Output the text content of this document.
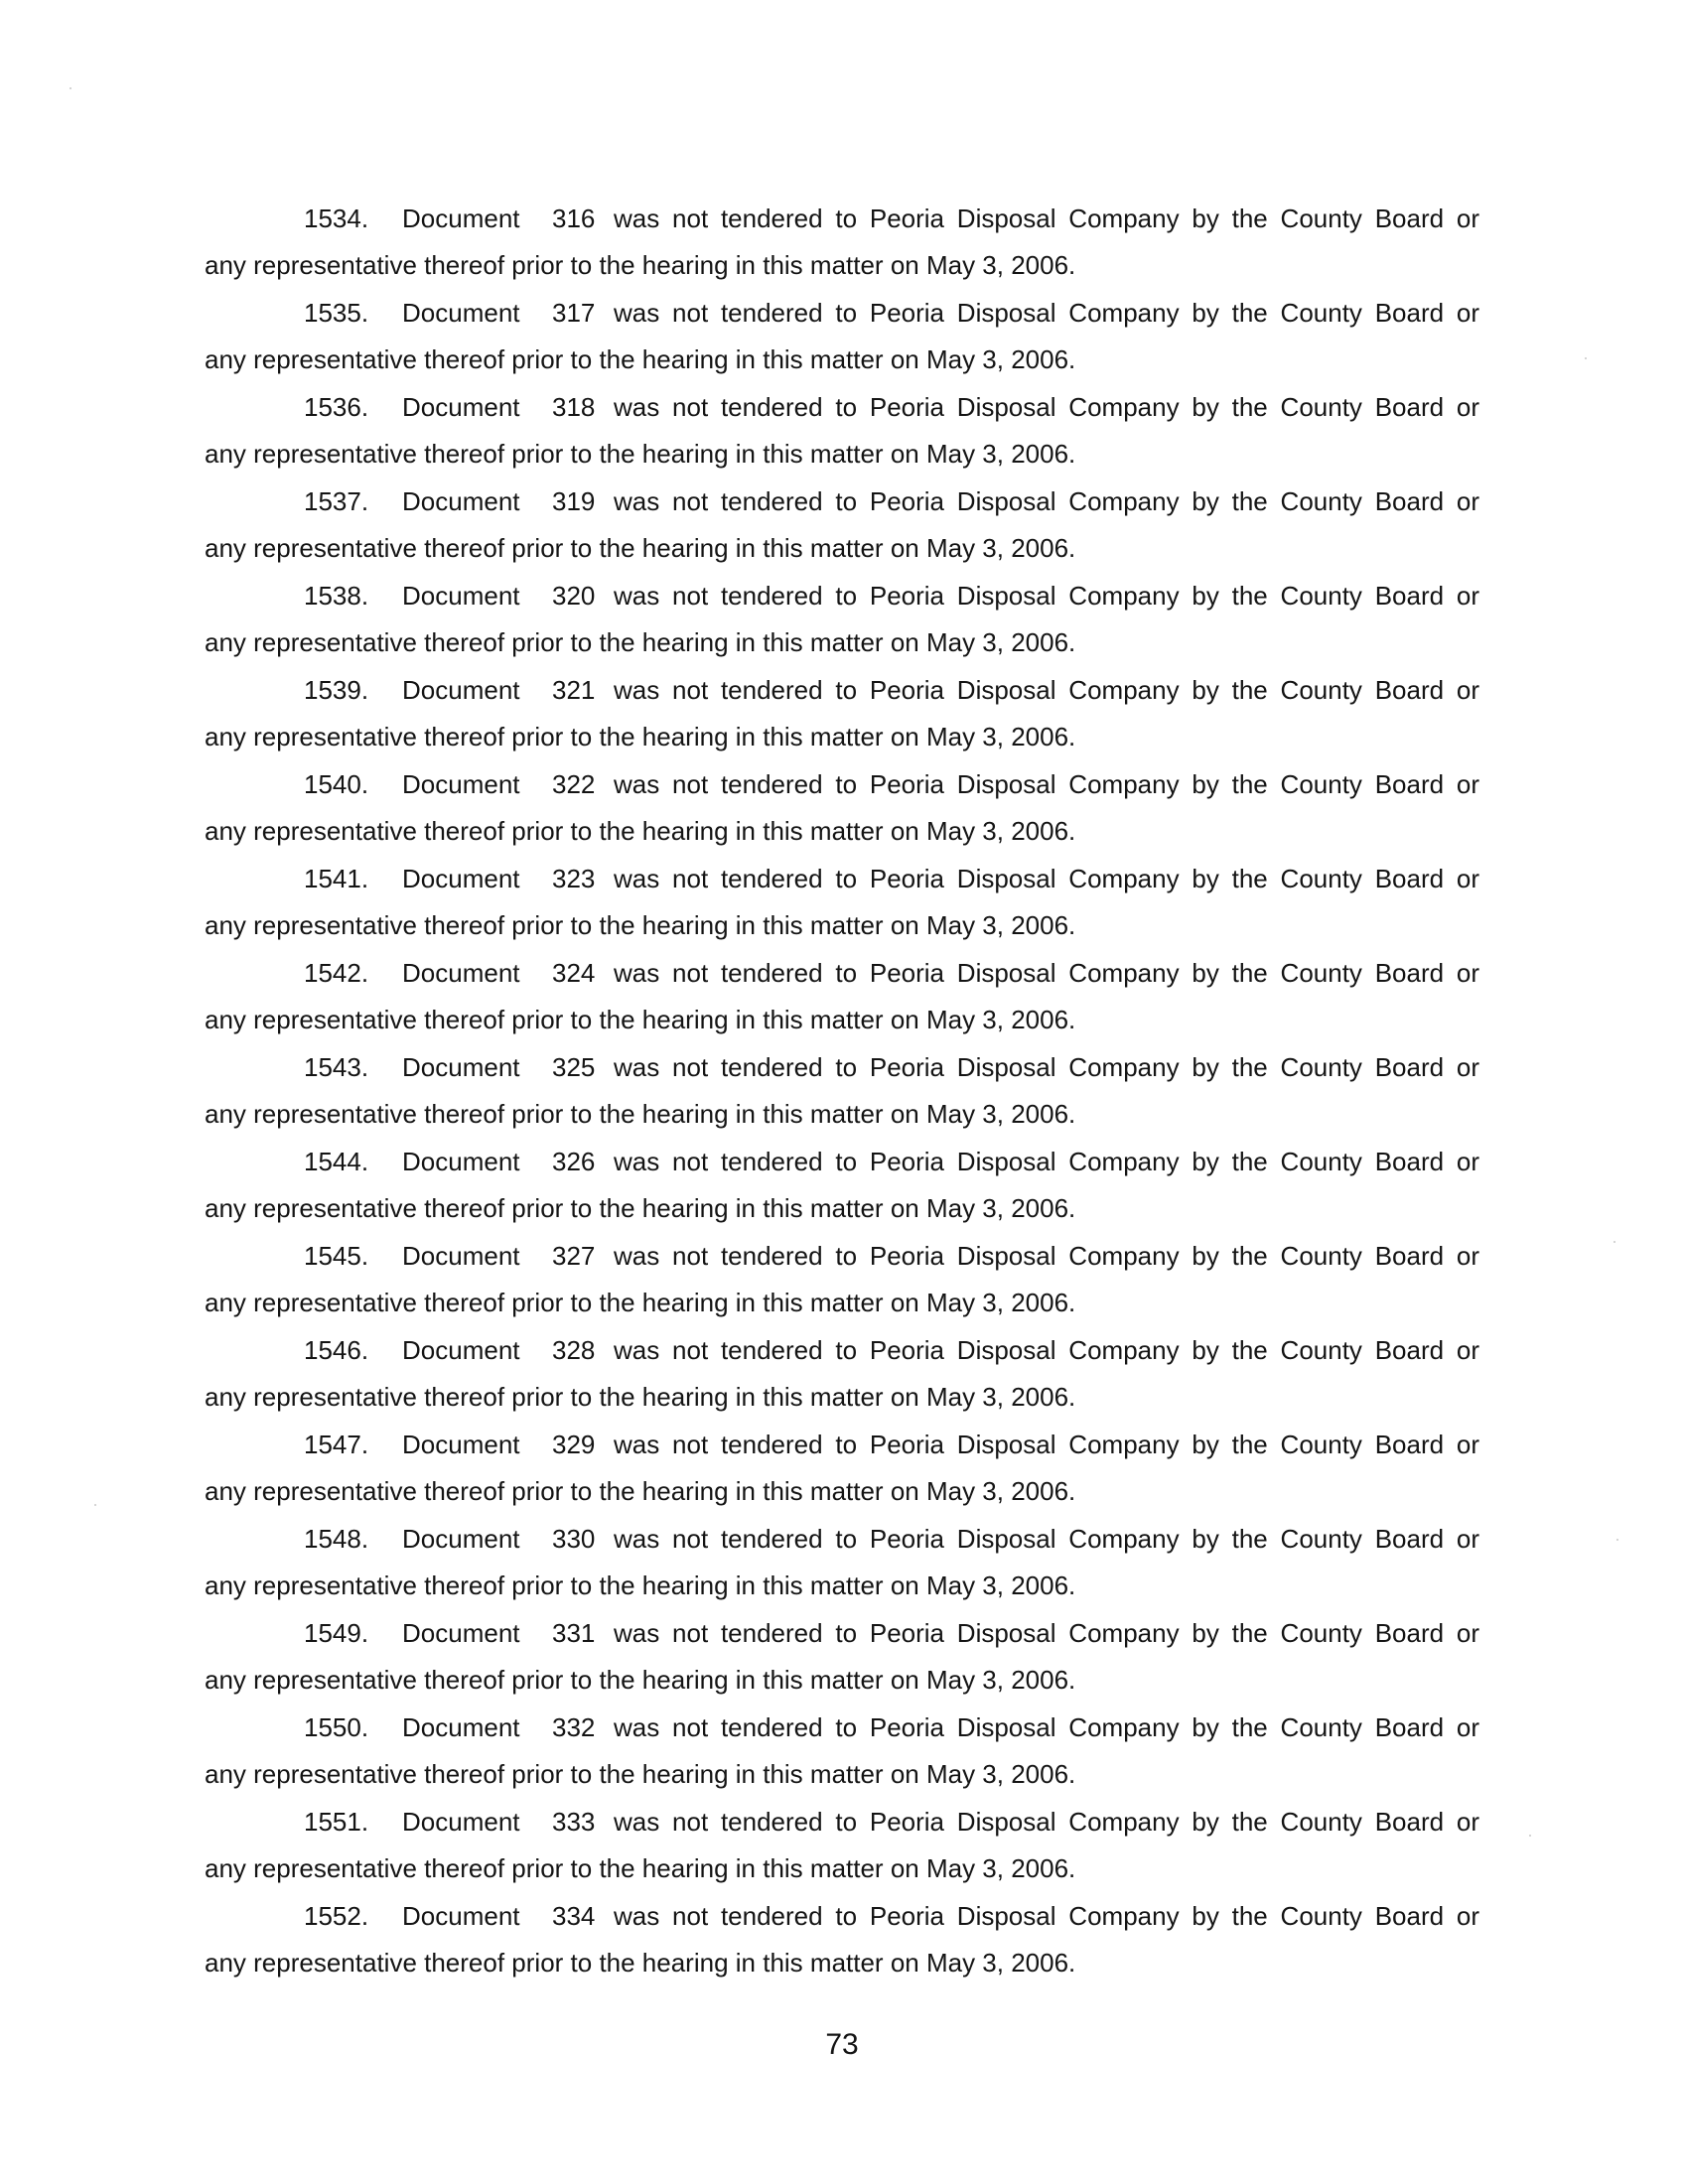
1534. Document 316 was not tendered to Peoria Disposal Company by the County Board or
any representative thereof prior to the hearing in this matter on May 3, 2006.
1535. Document 317 was not tendered to Peoria Disposal Company by the County Board or
any representative thereof prior to the hearing in this matter on May 3, 2006.
1536. Document 318 was not tendered to Peoria Disposal Company by the County Board or
any representative thereof prior to the hearing in this matter on May 3, 2006.
1537. Document 319 was not tendered to Peoria Disposal Company by the County Board or
any representative thereof prior to the hearing in this matter on May 3, 2006.
1538. Document 320 was not tendered to Peoria Disposal Company by the County Board or
any representative thereof prior to the hearing in this matter on May 3, 2006.
1539. Document 321 was not tendered to Peoria Disposal Company by the County Board or
any representative thereof prior to the hearing in this matter on May 3, 2006.
1540. Document 322 was not tendered to Peoria Disposal Company by the County Board or
any representative thereof prior to the hearing in this matter on May 3, 2006.
1541. Document 323 was not tendered to Peoria Disposal Company by the County Board or
any representative thereof prior to the hearing in this matter on May 3, 2006.
1542. Document 324 was not tendered to Peoria Disposal Company by the County Board or
any representative thereof prior to the hearing in this matter on May 3, 2006.
1543. Document 325 was not tendered to Peoria Disposal Company by the County Board or
any representative thereof prior to the hearing in this matter on May 3, 2006.
1544. Document 326 was not tendered to Peoria Disposal Company by the County Board or
any representative thereof prior to the hearing in this matter on May 3, 2006.
1545. Document 327 was not tendered to Peoria Disposal Company by the County Board or
any representative thereof prior to the hearing in this matter on May 3, 2006.
1546. Document 328 was not tendered to Peoria Disposal Company by the County Board or
any representative thereof prior to the hearing in this matter on May 3, 2006.
1547. Document 329 was not tendered to Peoria Disposal Company by the County Board or
any representative thereof prior to the hearing in this matter on May 3, 2006.
1548. Document 330 was not tendered to Peoria Disposal Company by the County Board or
any representative thereof prior to the hearing in this matter on May 3, 2006.
1549. Document 331 was not tendered to Peoria Disposal Company by the County Board or
any representative thereof prior to the hearing in this matter on May 3, 2006.
1550. Document 332 was not tendered to Peoria Disposal Company by the County Board or
any representative thereof prior to the hearing in this matter on May 3, 2006.
1551. Document 333 was not tendered to Peoria Disposal Company by the County Board or
any representative thereof prior to the hearing in this matter on May 3, 2006.
1552. Document 334 was not tendered to Peoria Disposal Company by the County Board or
any representative thereof prior to the hearing in this matter on May 3, 2006.
73
